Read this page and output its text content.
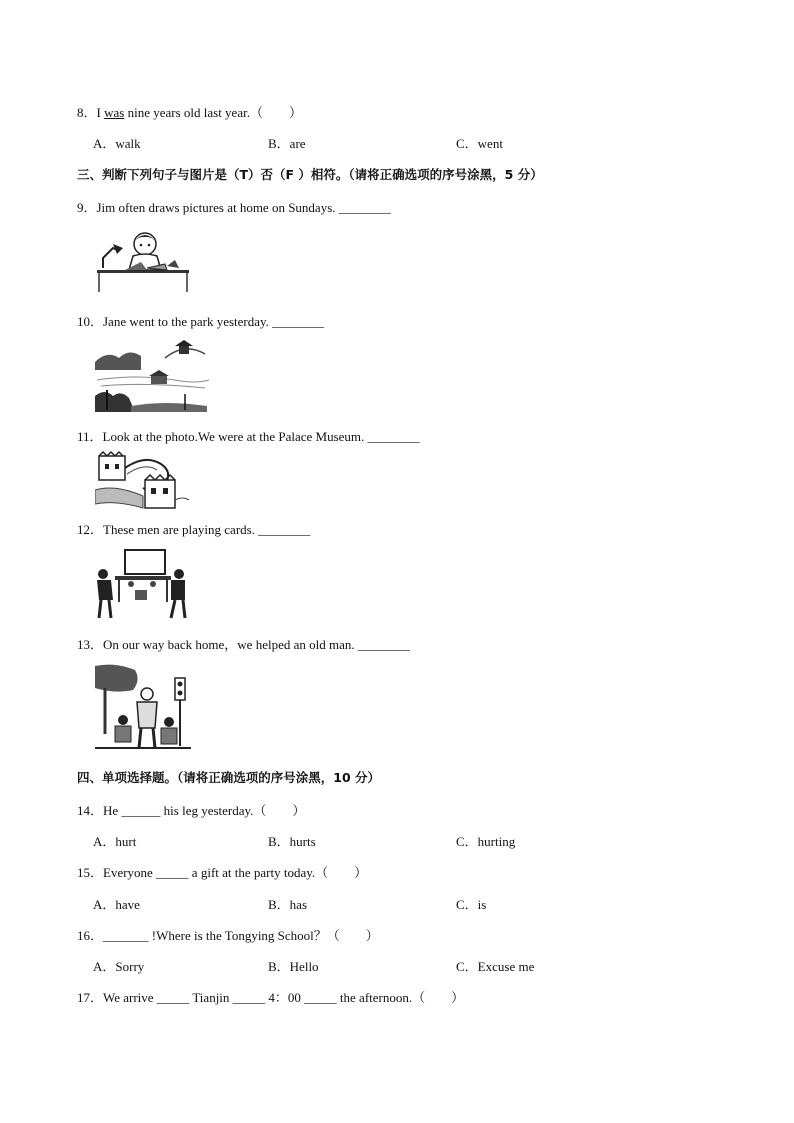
8．I was nine years old last year.（　　）
A．walk	B．are	C．went
三、判断下列句子与图片是（T）否（F ）相符。（请将正确选项的序号涂黑，5 分）
9．Jim often draws pictures at home on Sundays. ________
10．Jane went to the park yesterday. ________
11．Look at the photo.We were at the Palace Museum. ________
12．These men are playing cards. ________
13．On our way back home，we helped an old man. ________
四、单项选择题。（请将正确选项的序号涂黑，10 分）
14．He ______ his leg yesterday.（　　）
A．hurt	B．hurts	C．hurting
15．Everyone _____ a gift at the party today.（　　）
A．have	B．has	C．is
16．_______ !Where is the Tongying School？（　　）
A．Sorry	B．Hello	C．Excuse me
17．We arrive _____ Tianjin _____ 4：00 _____ the afternoon.（　　）
